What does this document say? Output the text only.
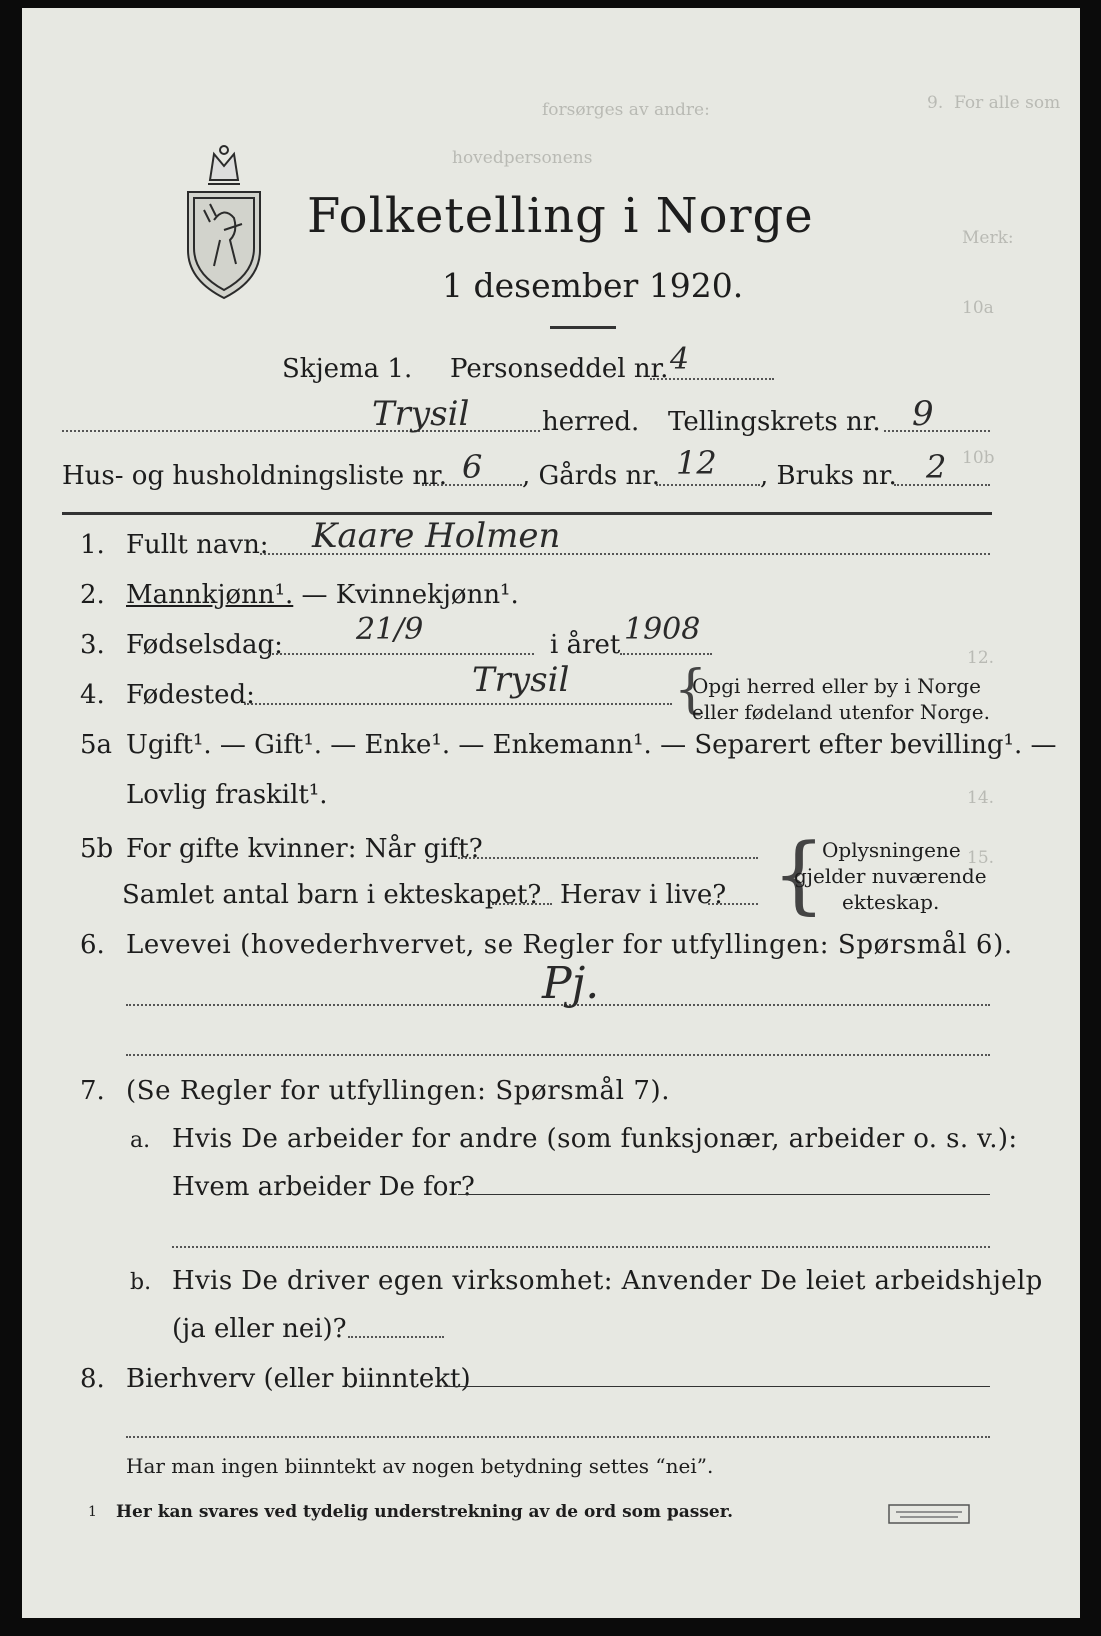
9.  For alle som
forsørges av andre:
hovedpersonens
Merk:
10a
10b
12.
14.
15.
Folketelling i Norge
1 desember 1920.
Skjema 1. Personseddel nr. 4
Trysil	herred. Tellingskrets nr. 9
Hus- og husholdningsliste nr. 6 , Gårds nr. 12 , Bruks nr. 2
1. Fullt navn: Kaare Holmen
2. Mannkjønn¹. — Kvinnekjønn¹.
3. Fødselsdag: 21/9	i året 1908
4. Fødested:	Trysil {
Opgi herred eller by i Norge
eller fødeland utenfor Norge.
5a Ugift¹. — Gift¹. — Enke¹. — Enkemann¹. — Separert efter bevilling¹. —
Lovlig fraskilt¹.
5b For gifte kvinner: Når gift?
Samlet antal barn i ekteskapet? Herav i live? {
Oplysningene
gjelder nuværende
ekteskap.
6. Levevei (hovederhvervet, se Regler for utfyllingen: Spørsmål 6).
Pj.
7. (Se Regler for utfyllingen: Spørsmål 7).
a. Hvis De arbeider for andre (som funksjonær, arbeider o. s. v.):
Hvem arbeider De for?
b. Hvis De driver egen virksomhet: Anvender De leiet arbeidshjelp
(ja eller nei)?
8. Bierhverv (eller biinntekt)
Har man ingen biinntekt av nogen betydning settes “nei”.
1 Her kan svares ved tydelig understrekning av de ord som passer.
